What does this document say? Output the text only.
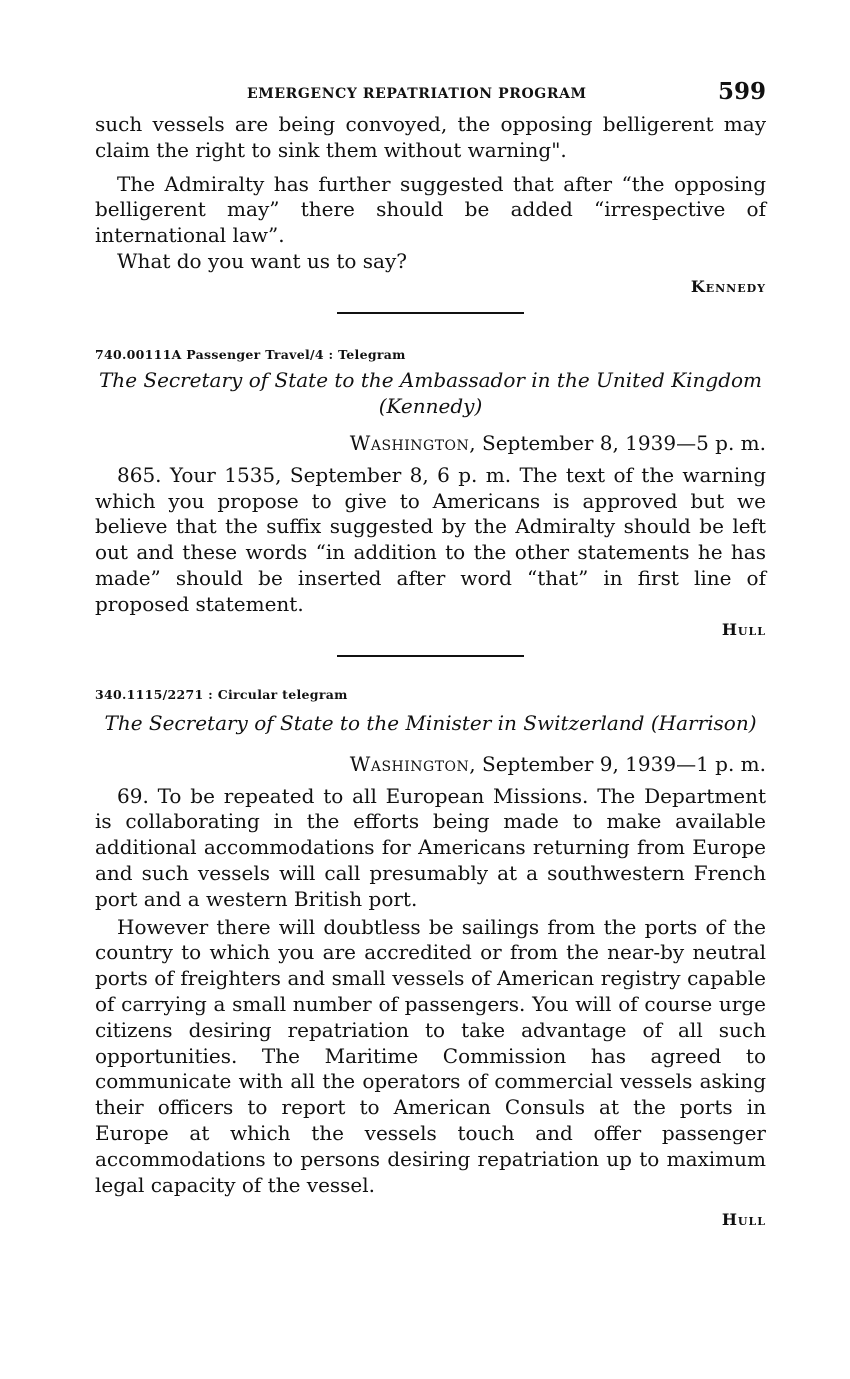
EMERGENCY REPATRIATION PROGRAM	599

such vessels are being convoyed, the opposing belligerent may claim the right to sink them without warning".

The Admiralty has further suggested that after “the opposing belligerent may” there should be added “irrespective of international law”.

What do you want us to say?

Kennedy
740.00111A Passenger Travel/4 : Telegram
The Secretary of State to the Ambassador in the United Kingdom
(Kennedy)
Washington, September 8, 1939—5 p. m.

865. Your 1535, September 8, 6 p. m. The text of the warning which you propose to give to Americans is approved but we believe that the suffix suggested by the Admiralty should be left out and these words “in addition to the other statements he has made” should be inserted after word “that” in first line of proposed statement.

Hull
340.1115/2271 : Circular telegram
The Secretary of State to the Minister in Switzerland (Harrison)
Washington, September 9, 1939—1 p. m.

69. To be repeated to all European Missions. The Department is collaborating in the efforts being made to make available additional accommodations for Americans returning from Europe and such vessels will call presumably at a southwestern French port and a western British port.

However there will doubtless be sailings from the ports of the country to which you are accredited or from the near-by neutral ports of freighters and small vessels of American registry capable of carrying a small number of passengers. You will of course urge citizens desiring repatriation to take advantage of all such opportunities. The Maritime Commission has agreed to communicate with all the operators of commercial vessels asking their officers to report to American Consuls at the ports in Europe at which the vessels touch and offer passenger accommodations to persons desiring repatriation up to maximum legal capacity of the vessel.

Hull
